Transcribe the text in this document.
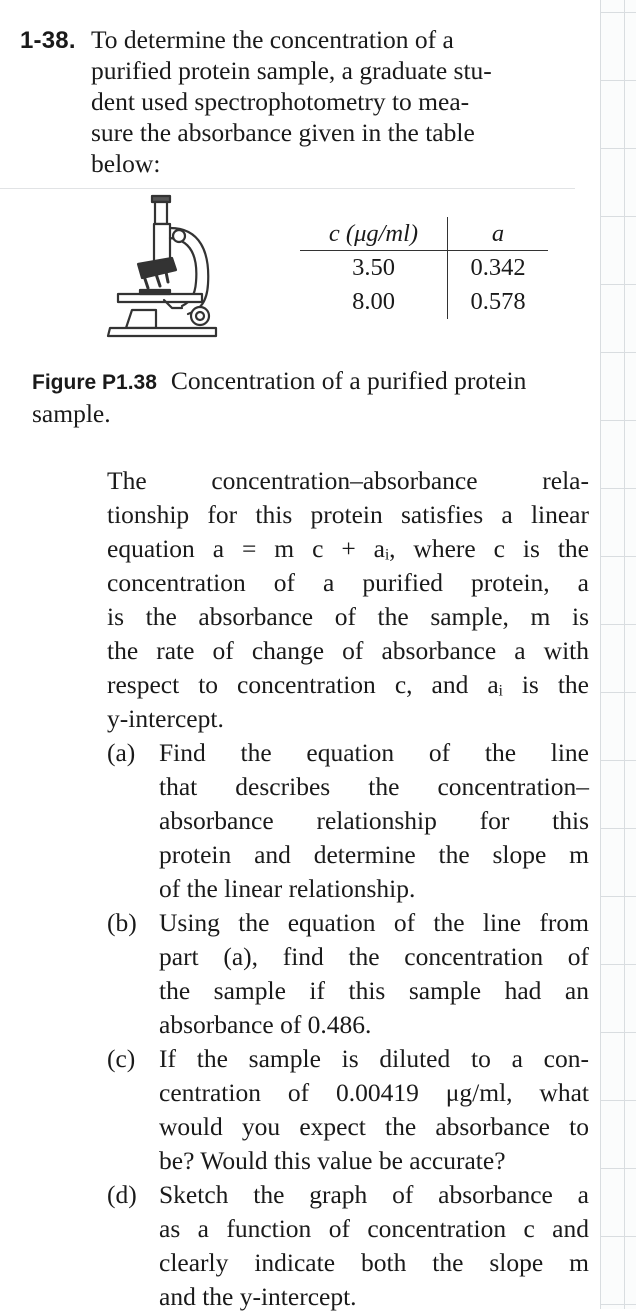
1-38. To determine the concentration of a
purified protein sample, a graduate stu-
dent used spectrophotometry to mea-
sure the absorbance given in the table
below:
c (μg/ml)	a
3.50	0.342
8.00	0.578
Figure P1.38 Concentration of a purified protein sample.
The concentration–absorbance rela-
tionship for this protein satisfies a linear
equation a = m c + aᵢ, where c is the
concentration of a purified protein, a
is the absorbance of the sample, m is
the rate of change of absorbance a with
respect to concentration c, and aᵢ is the
y-intercept.
(a) Find the equation of the line
that describes the concentration–
absorbance relationship for this
protein and determine the slope m
of the linear relationship.
(b) Using the equation of the line from
part (a), find the concentration of
the sample if this sample had an
absorbance of 0.486.
(c) If the sample is diluted to a con-
centration of 0.00419 μg/ml, what
would you expect the absorbance to
be? Would this value be accurate?
(d) Sketch the graph of absorbance a
as a function of concentration c and
clearly indicate both the slope m
and the y-intercept.
